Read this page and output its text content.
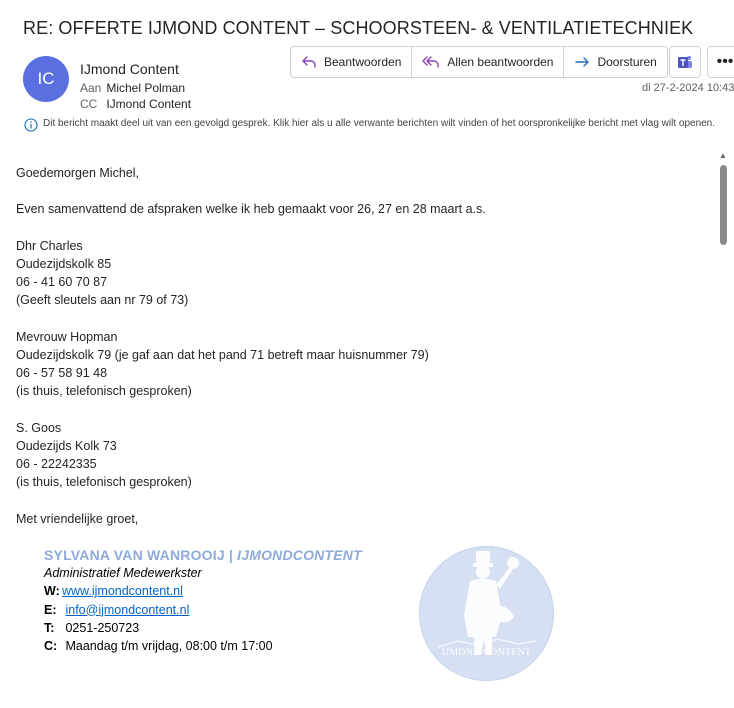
RE: OFFERTE IJMOND CONTENT – SCHOORSTEEN- & VENTILATIETECHNIEK
IC	IJmond Content
Aan Michel Polman
CC IJmond Content
Beantwoorden	Allen beantwoorden	Doorsturen	•••
di 27-2-2024 10:43
Dit bericht maakt deel uit van een gevolgd gesprek. Klik hier als u alle verwante berichten wilt vinden of het oorspronkelijke bericht met vlag wilt openen.
▲

Goedemorgen Michel,

Even samenvattend de afspraken welke ik heb gemaakt voor 26, 27 en 28 maart a.s.

Dhr Charles

Oudezijdskolk 85

06 - 41 60 70 87

(Geeft sleutels aan nr 79 of 73)

Mevrouw Hopman

Oudezijdskolk 79 (je gaf aan dat het pand 71 betreft maar huisnummer 79)

06 - 57 58 91 48

(is thuis, telefonisch gesproken)

S. Goos

Oudezijds Kolk 73

06 - 22242335

(is thuis, telefonisch gesproken)

Met vriendelijke groet,

SYLVANA VAN WANROOIJ | IJMONDCONTENT
Administratief Medewerkster
W: www.ijmondcontent.nl
E: info@ijmondcontent.nl
T: 0251-250723
C: Maandag t/m vrijdag, 08:00 t/m 17:00	IJMOND CONTENT
